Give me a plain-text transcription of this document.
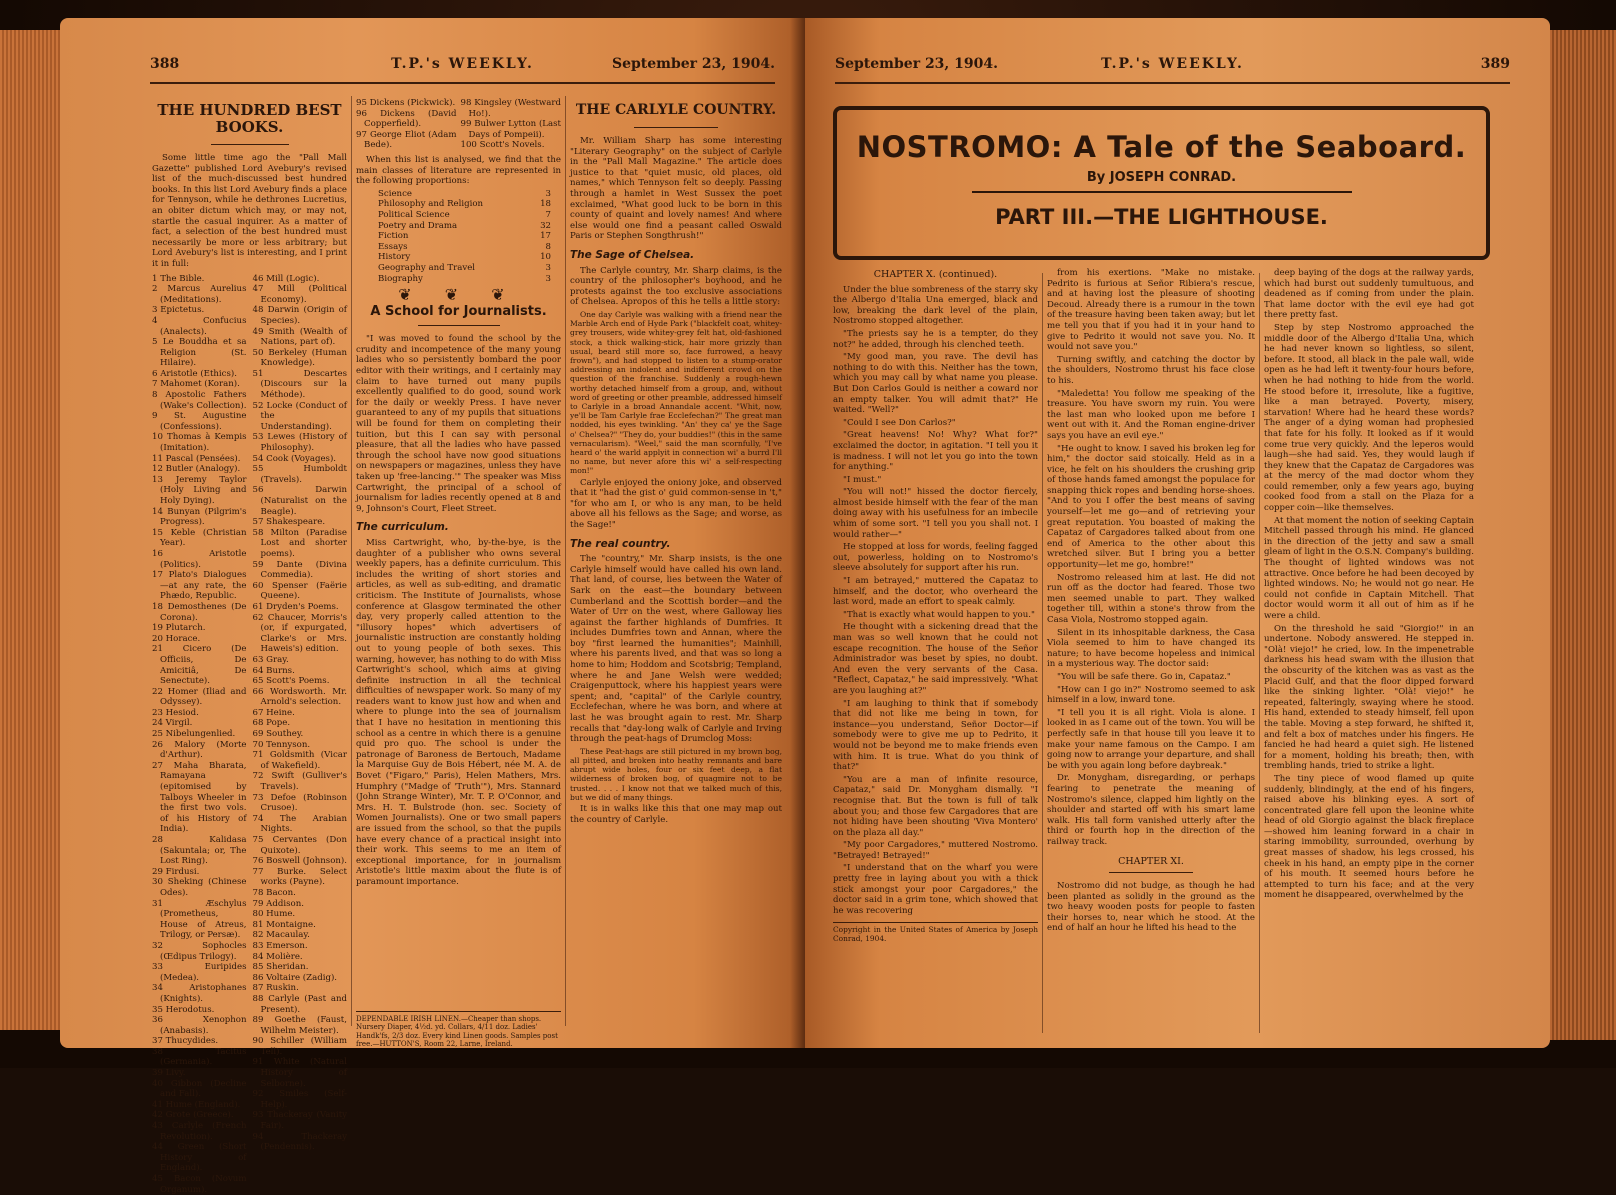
388	T.P.'s WEEKLY.	September 23, 1904.
THE HUNDRED BEST BOOKS.

Some little time ago the "Pall Mall Gazette" published Lord Avebury's revised list of the much-discussed best hundred books. In this list Lord Avebury finds a place for Tennyson, while he dethrones Lucretius, an obiter dictum which may, or may not, startle the casual inquirer. As a matter of fact, a selection of the best hundred must necessarily be more or less arbitrary; but Lord Avebury's list is interesting, and I print it in full:

1 The Bible.
2 Marcus Aurelius (Meditations).
3 Epictetus.
4 Confucius (Analects).
5 Le Bouddha et sa Religion (St. Hilaire).
6 Aristotle (Ethics).
7 Mahomet (Koran).
8 Apostolic Fathers (Wake's Collection).
9 St. Augustine (Confessions).
10 Thomas à Kempis (Imitation).
11 Pascal (Pensées).
12 Butler (Analogy).
13 Jeremy Taylor (Holy Living and Holy Dying).
14 Bunyan (Pilgrim's Progress).
15 Keble (Christian Year).
16 Aristotle (Politics).
17 Plato's Dialogues—at any rate, the Phædo, Republic.
18 Demosthenes (De Corona).
19 Plutarch.
20 Horace.
21 Cicero (De Officiis, De Amicitiâ, De Senectute).
22 Homer (Iliad and Odyssey).
23 Hesiod.
24 Virgil.
25 Nibelungenlied.
26 Malory (Morte d'Arthur).
27 Maha Bharata, Ramayana (epitomised by Talboys Wheeler in the first two vols. of his History of India).
28 Kalidasa (Sakuntala; or, The Lost Ring).
29 Firdusi.
30 Sheking (Chinese Odes).
31 Æschylus (Prometheus, House of Atreus, Trilogy, or Persæ).
32 Sophocles (Œdipus Trilogy).
33 Euripides (Medea).
34 Aristophanes (Knights).
35 Herodotus.
36 Xenophon (Anabasis).
37 Thucydides.
38 Tacitus (Germania).
39 Livy.
40 Gibbon (Decline and Fall).
41 Hume (England).
42 Grote (Greece).
43 Carlyle (French Revolution).
44 Green (Short History of England).
45 Bacon (Novum Organum).
46 Mill (Logic).
47 Mill (Political Economy).
48 Darwin (Origin of Species).
49 Smith (Wealth of Nations, part of).
50 Berkeley (Human Knowledge).
51 Descartes (Discours sur la Méthode).
52 Locke (Conduct of the Understanding).
53 Lewes (History of Philosophy).
54 Cook (Voyages).
55 Humboldt (Travels).
56 Darwin (Naturalist on the Beagle).
57 Shakespeare.
58 Milton (Paradise Lost and shorter poems).
59 Dante (Divina Commedia).
60 Spenser (Faërie Queene).
61 Dryden's Poems.
62 Chaucer, Morris's (or, if expurgated, Clarke's or Mrs. Haweis's) edition.
63 Gray.
64 Burns.
65 Scott's Poems.
66 Wordsworth. Mr. Arnold's selection.
67 Heine.
68 Pope.
69 Southey.
70 Tennyson.
71 Goldsmith (Vicar of Wakefield).
72 Swift (Gulliver's Travels).
73 Defoe (Robinson Crusoe).
74 The Arabian Nights.
75 Cervantes (Don Quixote).
76 Boswell (Johnson).
77 Burke. Select works (Payne).
78 Bacon.
79 Addison.
80 Hume.
81 Montaigne.
82 Macaulay.
83 Emerson.
84 Molière.
85 Sheridan.
86 Voltaire (Zadig).
87 Ruskin.
88 Carlyle (Past and Present).
89 Goethe (Faust, Wilhelm Meister).
90 Schiller (William Tell).
91 White (Natural History of Selborne).
92 Smiles (Self-Help).
93 Thackeray (Vanity Fair).
94 Thackeray (Pendennis).
95 Dickens (Pickwick).
96 Dickens (David Copperfield).
97 George Eliot (Adam Bede).
98 Kingsley (Westward Ho!).
99 Bulwer Lytton (Last Days of Pompeii).
100 Scott's Novels.

When this list is analysed, we find that the main classes of literature are represented in the following proportions:

Science	3
Philosophy and Religion	18
Political Science	7
Poetry and Drama	32
Fiction	17
Essays	8
History	10
Geography and Travel	3
Biography	3
❦ ❦ ❦
A School for Journalists.

"I was moved to found the school by the crudity and incompetence of the many young ladies who so persistently bombard the poor editor with their writings, and I certainly may claim to have turned out many pupils excellently qualified to do good, sound work for the daily or weekly Press. I have never guaranteed to any of my pupils that situations will be found for them on completing their tuition, but this I can say with personal pleasure, that all the ladies who have passed through the school have now good situations on newspapers or magazines, unless they have taken up 'free-lancing.'" The speaker was Miss Cartwright, the principal of a school of journalism for ladies recently opened at 8 and 9, Johnson's Court, Fleet Street.

The curriculum.

Miss Cartwright, who, by-the-bye, is the daughter of a publisher who owns several weekly papers, has a definite curriculum. This includes the writing of short stories and articles, as well as sub-editing, and dramatic criticism. The Institute of Journalists, whose conference at Glasgow terminated the other day, very properly called attention to the "illusory hopes" which advertisers of journalistic instruction are constantly holding out to young people of both sexes. This warning, however, has nothing to do with Miss Cartwright's school, which aims at giving definite instruction in all the technical difficulties of newspaper work. So many of my readers want to know just how and when and where to plunge into the sea of journalism that I have no hesitation in mentioning this school as a centre in which there is a genuine quid pro quo. The school is under the patronage of Baroness de Bertouch, Madame la Marquise Guy de Bois Hébert, née M. A. de Bovet ("Figaro," Paris), Helen Mathers, Mrs. Humphry ("Madge of 'Truth'"), Mrs. Stannard (John Strange Winter), Mr. T. P. O'Connor, and Mrs. H. T. Bulstrode (hon. sec. Society of Women Journalists). One or two small papers are issued from the school, so that the pupils have every chance of a practical insight into their work. This seems to me an item of exceptional importance, for in journalism Aristotle's little maxim about the flute is of paramount importance.

THE CARLYLE COUNTRY.

Mr. William Sharp has some interesting "Literary Geography" on the subject of Carlyle in the "Pall Mall Magazine." The article does justice to that "quiet music, old places, old names," which Tennyson felt so deeply. Passing through a hamlet in West Sussex the poet exclaimed, "What good luck to be born in this county of quaint and lovely names! And where else would one find a peasant called Oswald Paris or Stephen Songthrush!"

The Sage of Chelsea.

The Carlyle country, Mr. Sharp claims, is the country of the philosopher's boyhood, and he protests against the too exclusive associations of Chelsea. Apropos of this he tells a little story:

One day Carlyle was walking with a friend near the Marble Arch end of Hyde Park ("blackfelt coat, whitey-grey trousers, wide whitey-grey felt hat, old-fashioned stock, a thick walking-stick, hair more grizzly than usual, beard still more so, face furrowed, a heavy frown"), and had stopped to listen to a stump-orator addressing an indolent and indifferent crowd on the question of the franchise. Suddenly a rough-hewn worthy detached himself from a group, and, without word of greeting or other preamble, addressed himself to Carlyle in a broad Annandale accent. "Whit, now, ye'll be Tam Carlyle frae Ecclefechan?" The great man nodded, his eyes twinkling. "An' they ca' ye the Sage o' Chelsea?" "They do, your buddies!" (this in the same vernacularism). "Weel," said the man scornfully, "I've heard o' the warld applyit in connection wi' a burrd I'll no name, but never afore this wi' a self-respecting mon!"

Carlyle enjoyed the oniony joke, and observed that it "had the gist o' guid common-sense in 't," "for who am I, or who is any man, to be held above all his fellows as the Sage; and worse, as the Sage!"

The real country.

The "country," Mr. Sharp insists, is the one Carlyle himself would have called his own land. That land, of course, lies between the Water of Sark on the east—the boundary between Cumberland and the Scottish border—and the Water of Urr on the west, where Galloway lies against the farther highlands of Dumfries. It includes Dumfries town and Annan, where the boy "first learned the humanities"; Mainhill, where his parents lived, and that was so long a home to him; Hoddom and Scotsbrig; Templand, where he and Jane Welsh were wedded; Craigenputtock, where his happiest years were spent; and, "capital" of the Carlyle country, Ecclefechan, where he was born, and where at last he was brought again to rest. Mr. Sharp recalls that "day-long walk of Carlyle and Irving through the peat-hags of Drumclog Moss:

These Peat-hags are still pictured in my brown bog, all pitted, and broken into heathy remnants and bare abrupt wide holes, four or six feet deep, a flat wilderness of broken bog, of quagmire not to be trusted. . . . I know not that we talked much of this, but we did of many things.

It is in walks like this that one may map out the country of Carlyle.

DEPENDABLE IRISH LINEN.—Cheaper than shops. Nursery Diaper, 4½d. yd. Collars, 4/11 doz. Ladies' Handk'fs, 2/3 doz. Every kind Linen goods. Samples post free.—HUTTON'S, Room 22, Larne, Ireland.
September 23, 1904.	T.P.'s WEEKLY.	389
NOSTROMO: A Tale of the Seaboard.
By JOSEPH CONRAD.
PART III.—THE LIGHTHOUSE.
CHAPTER X. (continued).

Under the blue sombreness of the starry sky the Albergo d'Italia Una emerged, black and low, breaking the dark level of the plain, Nostromo stopped altogether.

"The priests say he is a tempter, do they not?" he added, through his clenched teeth.

"My good man, you rave. The devil has nothing to do with this. Neither has the town, which you may call by what name you please. But Don Carlos Gould is neither a coward nor an empty talker. You will admit that?" He waited. "Well?"

"Could I see Don Carlos?"

"Great heavens! No! Why? What for?" exclaimed the doctor, in agitation. "I tell you it is madness. I will not let you go into the town for anything."

"I must."

"You will not!" hissed the doctor fiercely, almost beside himself with the fear of the man doing away with his usefulness for an imbecile whim of some sort. "I tell you you shall not. I would rather—"

He stopped at loss for words, feeling fagged out, powerless, holding on to Nostromo's sleeve absolutely for support after his run.

"I am betrayed," muttered the Capataz to himself, and the doctor, who overheard the last word, made an effort to speak calmly.

"That is exactly what would happen to you."

He thought with a sickening dread that the man was so well known that he could not escape recognition. The house of the Señor Administrador was beset by spies, no doubt. And even the very servants of the Casa. "Reflect, Capataz," he said impressively. "What are you laughing at?"

"I am laughing to think that if somebody that did not like me being in town, for instance—you understand, Señor Doctor—if somebody were to give me up to Pedrito, it would not be beyond me to make friends even with him. It is true. What do you think of that?"

"You are a man of infinite resource, Capataz," said Dr. Monygham dismally. "I recognise that. But the town is full of talk about you; and those few Cargadores that are not hiding have been shouting 'Viva Montero' on the plaza all day."

"My poor Cargadores," muttered Nostromo. "Betrayed! Betrayed!"

"I understand that on the wharf you were pretty free in laying about you with a thick stick amongst your poor Cargadores," the doctor said in a grim tone, which showed that he was recovering

Copyright in the United States of America by Joseph Conrad, 1904.

from his exertions. "Make no mistake. Pedrito is furious at Señor Ribiera's rescue, and at having lost the pleasure of shooting Decoud. Already there is a rumour in the town of the treasure having been taken away; but let me tell you that if you had it in your hand to give to Pedrito it would not save you. No. It would not save you."

Turning swiftly, and catching the doctor by the shoulders, Nostromo thrust his face close to his.

"Maledetta! You follow me speaking of the treasure. You have sworn my ruin. You were the last man who looked upon me before I went out with it. And the Roman engine-driver says you have an evil eye."

"He ought to know. I saved his broken leg for him," the doctor said stoically. Held as in a vice, he felt on his shoulders the crushing grip of those hands famed amongst the populace for snapping thick ropes and bending horse-shoes. "And to you I offer the best means of saving yourself—let me go—and of retrieving your great reputation. You boasted of making the Capataz of Cargadores talked about from one end of America to the other about this wretched silver. But I bring you a better opportunity—let me go, hombre!"

Nostromo released him at last. He did not run off as the doctor had feared. Those two men seemed unable to part. They walked together till, within a stone's throw from the Casa Viola, Nostromo stopped again.

Silent in its inhospitable darkness, the Casa Viola seemed to him to have changed its nature; to have become hopeless and inimical in a mysterious way. The doctor said:

"You will be safe there. Go in, Capataz."

"How can I go in?" Nostromo seemed to ask himself in a low, inward tone.

"I tell you it is all right. Viola is alone. I looked in as I came out of the town. You will be perfectly safe in that house till you leave it to make your name famous on the Campo. I am going now to arrange your departure, and shall be with you again long before daybreak."

Dr. Monygham, disregarding, or perhaps fearing to penetrate the meaning of Nostromo's silence, clapped him lightly on the shoulder and started off with his smart lame walk. His tall form vanished utterly after the third or fourth hop in the direction of the railway track.

CHAPTER XI.

Nostromo did not budge, as though he had been planted as solidly in the ground as the two heavy wooden posts for people to fasten their horses to, near which he stood. At the end of half an hour he lifted his head to the

deep baying of the dogs at the railway yards, which had burst out suddenly tumultuous, and deadened as if coming from under the plain. That lame doctor with the evil eye had got there pretty fast.

Step by step Nostromo approached the middle door of the Albergo d'Italia Una, which he had never known so lightless, so silent, before. It stood, all black in the pale wall, wide open as he had left it twenty-four hours before, when he had nothing to hide from the world. He stood before it, irresolute, like a fugitive, like a man betrayed. Poverty, misery, starvation! Where had he heard these words? The anger of a dying woman had prophesied that fate for his folly. It looked as if it would come true very quickly. And the leperos would laugh—she had said. Yes, they would laugh if they knew that the Capataz de Cargadores was at the mercy of the mad doctor whom they could remember, only a few years ago, buying cooked food from a stall on the Plaza for a copper coin—like themselves.

At that moment the notion of seeking Captain Mitchell passed through his mind. He glanced in the direction of the jetty and saw a small gleam of light in the O.S.N. Company's building. The thought of lighted windows was not attractive. Once before he had been decoyed by lighted windows. No; he would not go near. He could not confide in Captain Mitchell. That doctor would worm it all out of him as if he were a child.

On the threshold he said "Giorgio!" in an undertone. Nobody answered. He stepped in. "Olà! viejo!" he cried, low. In the impenetrable darkness his head swam with the illusion that the obscurity of the kitchen was as vast as the Placid Gulf, and that the floor dipped forward like the sinking lighter. "Olà! viejo!" he repeated, falteringly, swaying where he stood. His hand, extended to steady himself, fell upon the table. Moving a step forward, he shifted it, and felt a box of matches under his fingers. He fancied he had heard a quiet sigh. He listened for a moment, holding his breath; then, with trembling hands, tried to strike a light.

The tiny piece of wood flamed up quite suddenly, blindingly, at the end of his fingers, raised above his blinking eyes. A sort of concentrated glare fell upon the leonine white head of old Giorgio against the black fireplace—showed him leaning forward in a chair in staring immobility, surrounded, overhung by great masses of shadow, his legs crossed, his cheek in his hand, an empty pipe in the corner of his mouth. It seemed hours before he attempted to turn his face; and at the very moment he disappeared, overwhelmed by the
